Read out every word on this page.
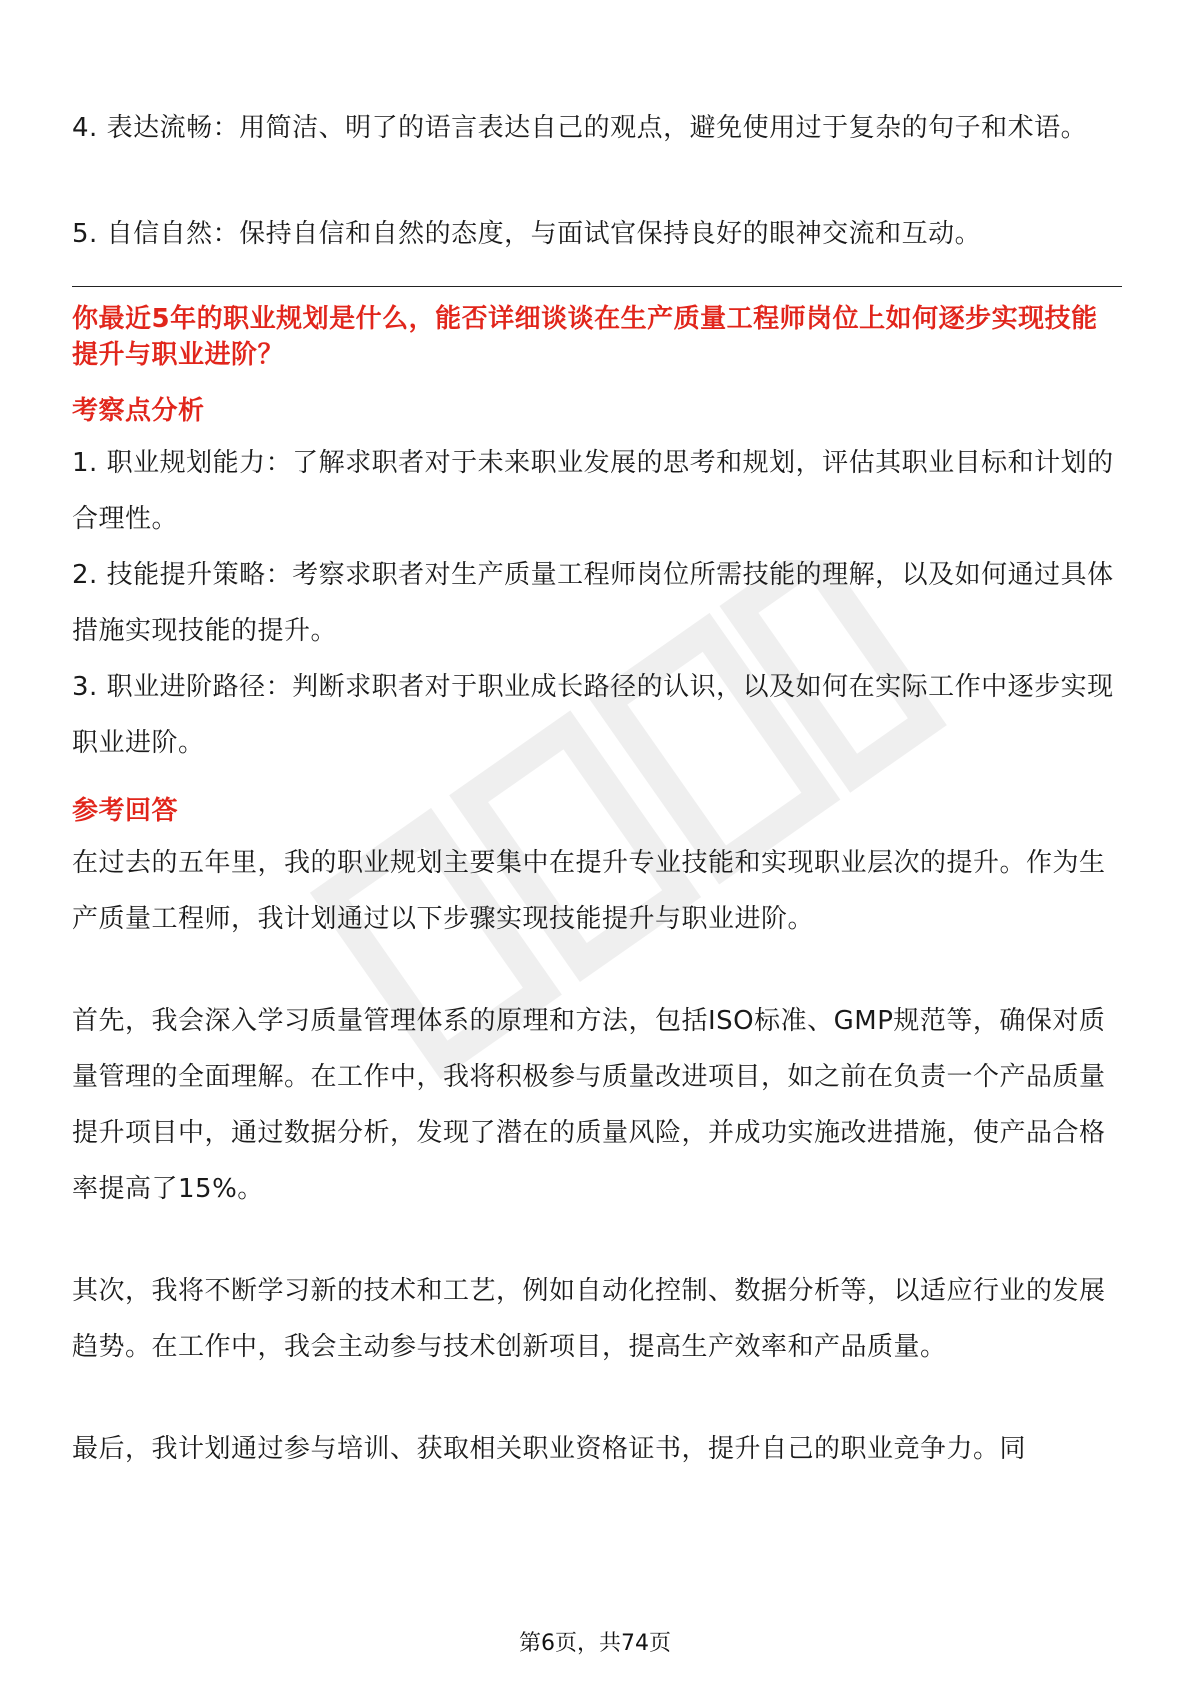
4. 表达流畅：用简洁、明了的语言表达自己的观点，避免使用过于复杂的句子和术语。

5. 自信自然：保持自信和自然的态度，与面试官保持良好的眼神交流和互动。

你最近5年的职业规划是什么，能否详细谈谈在生产质量工程师岗位上如何逐步实现技能提升与职业进阶？
考察点分析

1. 职业规划能力：了解求职者对于未来职业发展的思考和规划，评估其职业目标和计划的合理性。

2. 技能提升策略：考察求职者对生产质量工程师岗位所需技能的理解，以及如何通过具体措施实现技能的提升。

3. 职业进阶路径：判断求职者对于职业成长路径的认识，以及如何在实际工作中逐步实现职业进阶。

参考回答

在过去的五年里，我的职业规划主要集中在提升专业技能和实现职业层次的提升。作为生产质量工程师，我计划通过以下步骤实现技能提升与职业进阶。

首先，我会深入学习质量管理体系的原理和方法，包括ISO标准、GMP规范等，确保对质量管理的全面理解。在工作中，我将积极参与质量改进项目，如之前在负责一个产品质量提升项目中，通过数据分析，发现了潜在的质量风险，并成功实施改进措施，使产品合格率提高了15%。

其次，我将不断学习新的技术和工艺，例如自动化控制、数据分析等，以适应行业的发展趋势。在工作中，我会主动参与技术创新项目，提高生产效率和产品质量。

最后，我计划通过参与培训、获取相关职业资格证书，提升自己的职业竞争力。同

第6页，共74页
